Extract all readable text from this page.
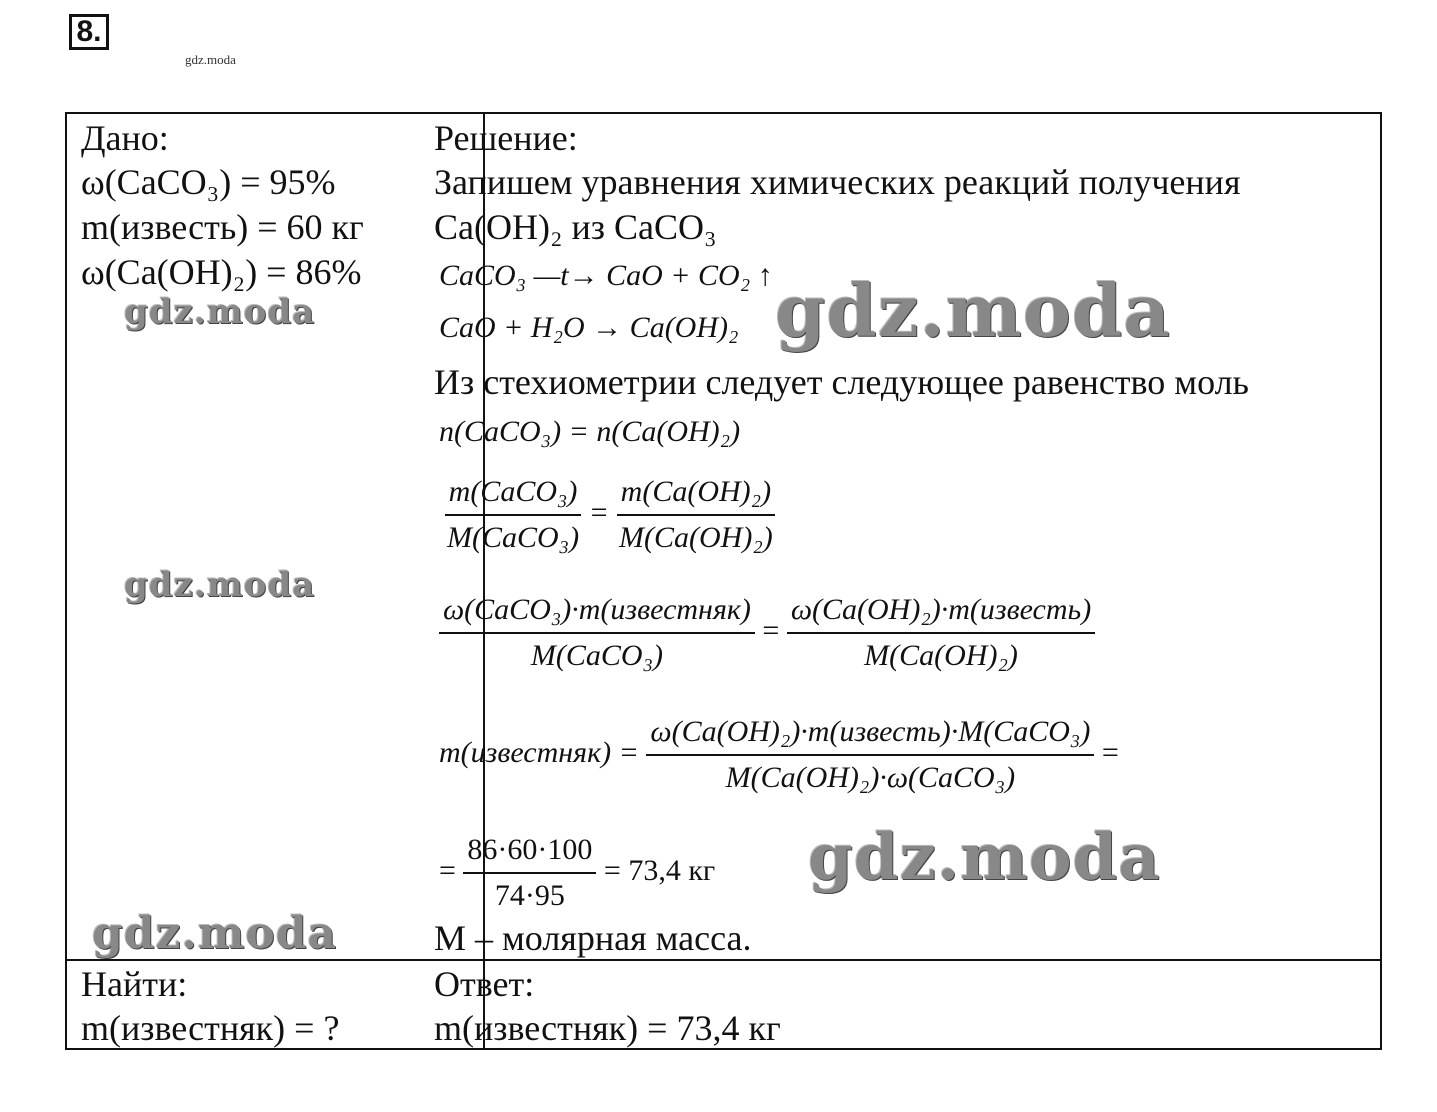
8.
gdz.moda
Дано:
ω(CaCO₃) = 95%
m(известь) = 60 кг
ω(Ca(OH)₂) = 86%
Найти:
m(известняк) = ?
Решение:
Запишем уравнения химических реакций получения
Ca(OH)₂ из CaCO₃
CaCO₃ —t→ CaO + CO₂ ↑
CaO + H₂O → Ca(OH)₂
Из стехиометрии следует следующее равенство моль
n(CaCO₃) = n(Ca(OH)₂)
$\frac{\text{m(CaCO₃)}}{\text{M(CaCO₃)}} = \frac{\text{m(Ca(OH)₂)}}{\text{M(Ca(OH)₂)}}$
$\frac{\text{ω(CaCO₃)·m(известняк)}}{\text{M(CaCO₃)}} = \frac{\text{ω(Ca(OH)₂)·m(известь)}}{\text{M(Ca(OH)₂)}}$
m(известняк) = $\frac{\text{ω(Ca(OH)₂)·m(известь)·M(CaCO₃)}}{\text{M(Ca(OH)₂)·ω(CaCO₃)}}$ =
= $\frac{86\cdot 60\cdot 100}{74\cdot 95} = 73,4$ кг
M – молярная масса.
Ответ:
m(известняк) = 73,4 кг
gdz.moda
gdz.moda
gdz.moda
gdz.moda
gdz.moda
